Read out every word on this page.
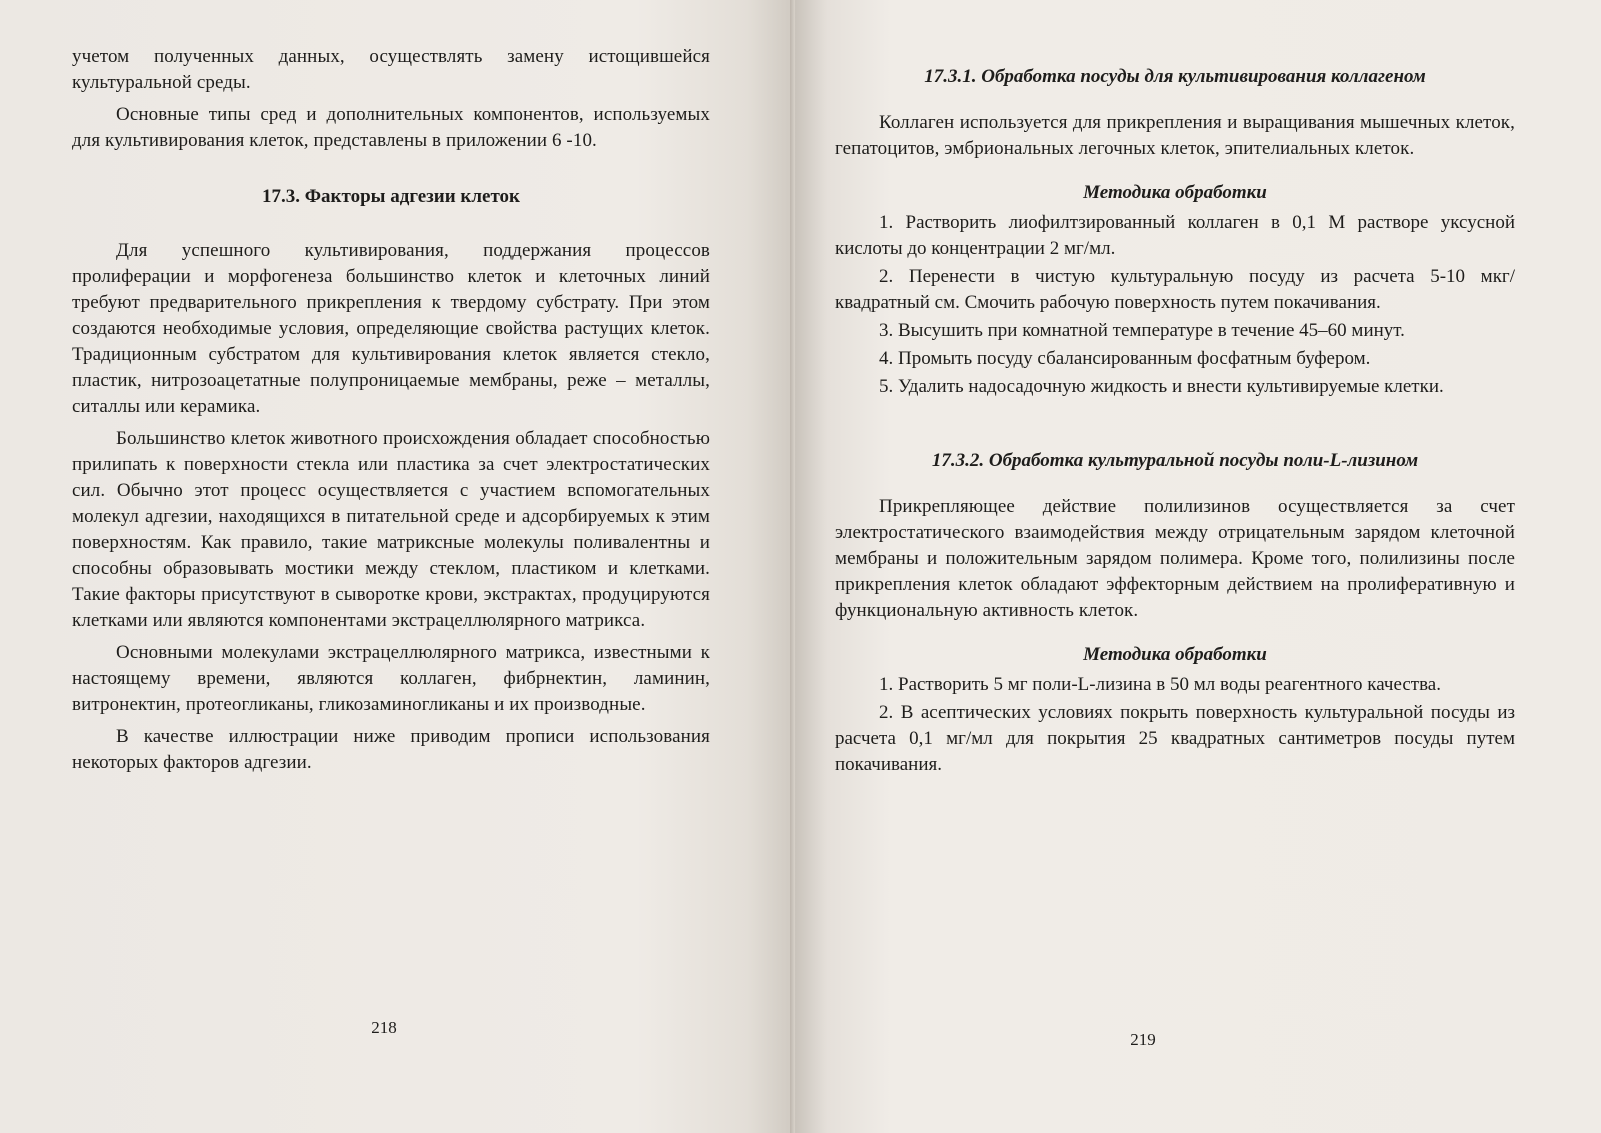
учетом полученных данных, осуществлять замену истощившейся культуральной среды.

Основные типы сред и дополнительных компонентов, используемых для культивирования клеток, представлены в приложении 6 -10.

17.3. Факторы адгезии клеток

Для успешного культивирования, поддержания процессов пролиферации и морфогенеза большинство клеток и клеточных линий требуют предварительного прикрепления к твердому субстрату. При этом создаются необходимые условия, определяющие свойства растущих клеток. Традиционным субстратом для культивирования клеток является стекло, пластик, нитрозоацетатные полупроницаемые мембраны, реже – металлы, ситаллы или керамика.

Большинство клеток животного происхождения обладает способностью прилипать к поверхности стекла или пластика за счет электростатических сил. Обычно этот процесс осуществляется с участием вспомогательных молекул адгезии, находящихся в питательной среде и адсорбируемых к этим поверхностям. Как правило, такие матриксные молекулы поливалентны и способны образовывать мостики между стеклом, пластиком и клетками. Такие факторы присутствуют в сыворотке крови, экстрактах, продуцируются клетками или являются компонентами экстрацеллюлярного матрикса.

Основными молекулами экстрацеллюлярного матрикса, известными к настоящему времени, являются коллаген, фибрнектин, ламинин, витронектин, протеогликаны, гликозаминогликаны и их производные.

В качестве иллюстрации ниже приводим прописи использования некоторых факторов адгезии.

218
17.3.1. Обработка посуды для культивирования коллагеном

Коллаген используется для прикрепления и выращивания мышечных клеток, гепатоцитов, эмбриональных легочных клеток, эпителиальных клеток.

Методика обработки

1. Растворить лиофилтзированный коллаген в 0,1 М растворе уксусной кислоты до концентрации 2 мг/мл.

2. Перенести в чистую культуральную посуду из расчета 5-10 мкг/ квадратный см. Смочить рабочую поверхность путем покачивания.

3. Высушить при комнатной температуре в течение 45–60 минут.

4. Промыть посуду сбалансированным фосфатным буфером.

5. Удалить надосадочную жидкость и внести культивируемые клетки.

17.3.2. Обработка культуральной посуды поли-L-лизином

Прикрепляющее действие полилизинов осуществляется за счет электростатического взаимодействия между отрицательным зарядом клеточной мембраны и положительным зарядом полимера. Кроме того, полилизины после прикрепления клеток обладают эффекторным действием на пролиферативную и функциональную активность клеток.

Методика обработки

1. Растворить 5 мг поли-L-лизина в 50 мл воды реагентного качества.

2. В асептических условиях покрыть поверхность культуральной посуды из расчета 0,1 мг/мл для покрытия 25 квадратных сантиметров посуды путем покачивания.

219
